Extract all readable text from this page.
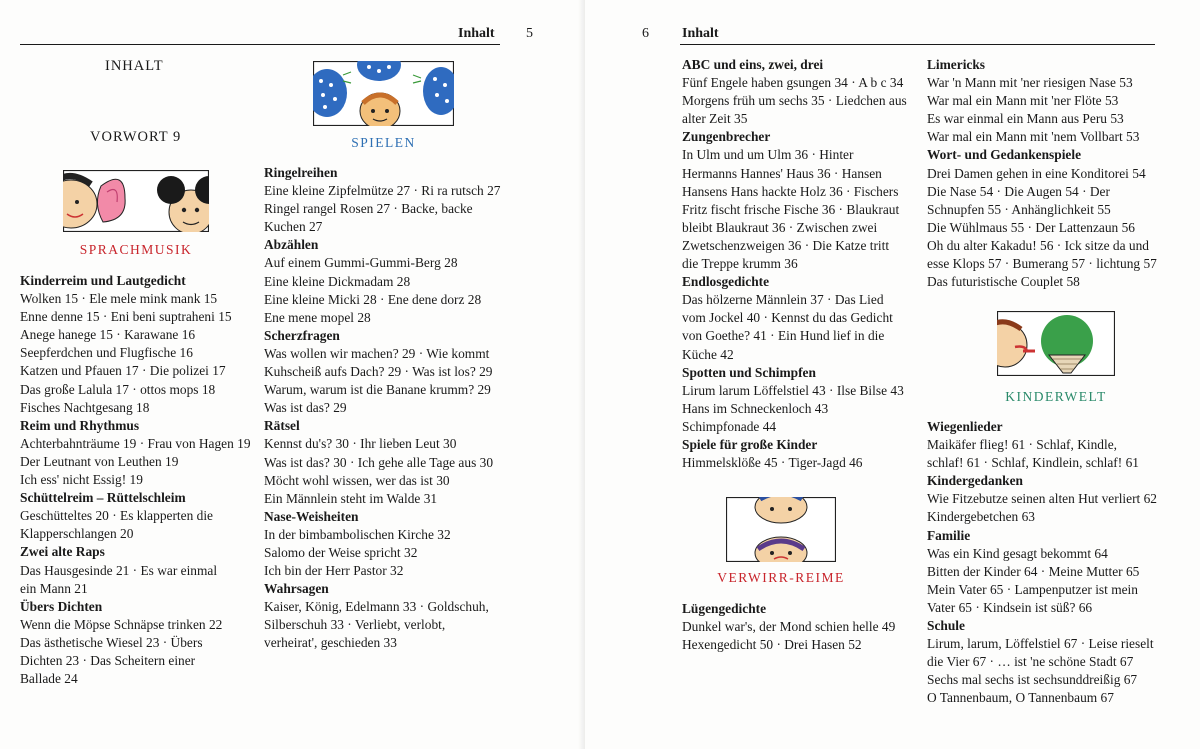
Inhalt 5
INHALT
VORWORT 9
SPRACHMUSIK
SPIELEN
Kinderreim und Lautgedicht
Wolken 15 · Ele mele mink mank 15
Enne denne 15 · Eni beni suptraheni 15
Anege hanege 15 · Karawane 16
Seepferdchen und Flugfische 16
Katzen und Pfauen 17 · Die polizei 17
Das große Lalula 17 · ottos mops 18
Fisches Nachtgesang 18
Reim und Rhythmus
Achterbahnträume 19 · Frau von Hagen 19
Der Leutnant von Leuthen 19
Ich ess' nicht Essig! 19
Schüttelreim – Rüttelschleim
Geschütteltes 20 · Es klapperten die
Klapperschlangen 20
Zwei alte Raps
Das Hausgesinde 21 · Es war einmal
ein Mann 21
Übers Dichten
Wenn die Möpse Schnäpse trinken 22
Das ästhetische Wiesel 23 · Übers
Dichten 23 · Das Scheitern einer
Ballade 24
Ringelreihen
Eine kleine Zipfelmütze 27 · Ri ra rutsch 27
Ringel rangel Rosen 27 · Backe, backe
Kuchen 27
Abzählen
Auf einem Gummi-Gummi-Berg 28
Eine kleine Dickmadam 28
Eine kleine Micki 28 · Ene dene dorz 28
Ene mene mopel 28
Scherzfragen
Was wollen wir machen? 29 · Wie kommt
Kuhscheiß aufs Dach? 29 · Was ist los? 29
Warum, warum ist die Banane krumm? 29
Was ist das? 29
Rätsel
Kennst du's? 30 · Ihr lieben Leut 30
Was ist das? 30 · Ich gehe alle Tage aus 30
Möcht wohl wissen, wer das ist 30
Ein Männlein steht im Walde 31
Nase-Weisheiten
In der bimbambolischen Kirche 32
Salomo der Weise spricht 32
Ich bin der Herr Pastor 32
Wahrsagen
Kaiser, König, Edelmann 33 · Goldschuh,
Silberschuh 33 · Verliebt, verlobt,
verheirat', geschieden 33
6 Inhalt
ABC und eins, zwei, drei
Fünf Engele haben gsungen 34 · A b c 34
Morgens früh um sechs 35 · Liedchen aus
alter Zeit 35
Zungenbrecher
In Ulm und um Ulm 36 · Hinter
Hermanns Hannes' Haus 36 · Hansen
Hansens Hans hackte Holz 36 · Fischers
Fritz fischt frische Fische 36 · Blaukraut
bleibt Blaukraut 36 · Zwischen zwei
Zwetschenzweigen 36 · Die Katze tritt
die Treppe krumm 36
Endlosgedichte
Das hölzerne Männlein 37 · Das Lied
vom Jockel 40 · Kennst du das Gedicht
von Goethe? 41 · Ein Hund lief in die
Küche 42
Spotten und Schimpfen
Lirum larum Löffelstiel 43 · Ilse Bilse 43
Hans im Schneckenloch 43
Schimpfonade 44
Spiele für große Kinder
Himmelsklöße 45 · Tiger-Jagd 46
VERWIRR-REIME
Lügengedichte
Dunkel war's, der Mond schien helle 49
Hexengedicht 50 · Drei Hasen 52
Limericks
War 'n Mann mit 'ner riesigen Nase 53
War mal ein Mann mit 'ner Flöte 53
Es war einmal ein Mann aus Peru 53
War mal ein Mann mit 'nem Vollbart 53
Wort- und Gedankenspiele
Drei Damen gehen in eine Konditorei 54
Die Nase 54 · Die Augen 54 · Der
Schnupfen 55 · Anhänglichkeit 55
Die Wühlmaus 55 · Der Lattenzaun 56
Oh du alter Kakadu! 56 · Ick sitze da und
esse Klops 57 · Bumerang 57 · lichtung 57
Das futuristische Couplet 58
KINDERWELT
Wiegenlieder
Maikäfer flieg! 61 · Schlaf, Kindle,
schlaf! 61 · Schlaf, Kindlein, schlaf! 61
Kindergedanken
Wie Fitzebutze seinen alten Hut verliert 62
Kindergebetchen 63
Familie
Was ein Kind gesagt bekommt 64
Bitten der Kinder 64 · Meine Mutter 65
Mein Vater 65 · Lampenputzer ist mein
Vater 65 · Kindsein ist süß? 66
Schule
Lirum, larum, Löffelstiel 67 · Leise rieselt
die Vier 67 · … ist 'ne schöne Stadt 67
Sechs mal sechs ist sechsunddreißig 67
O Tannenbaum, O Tannenbaum 67
